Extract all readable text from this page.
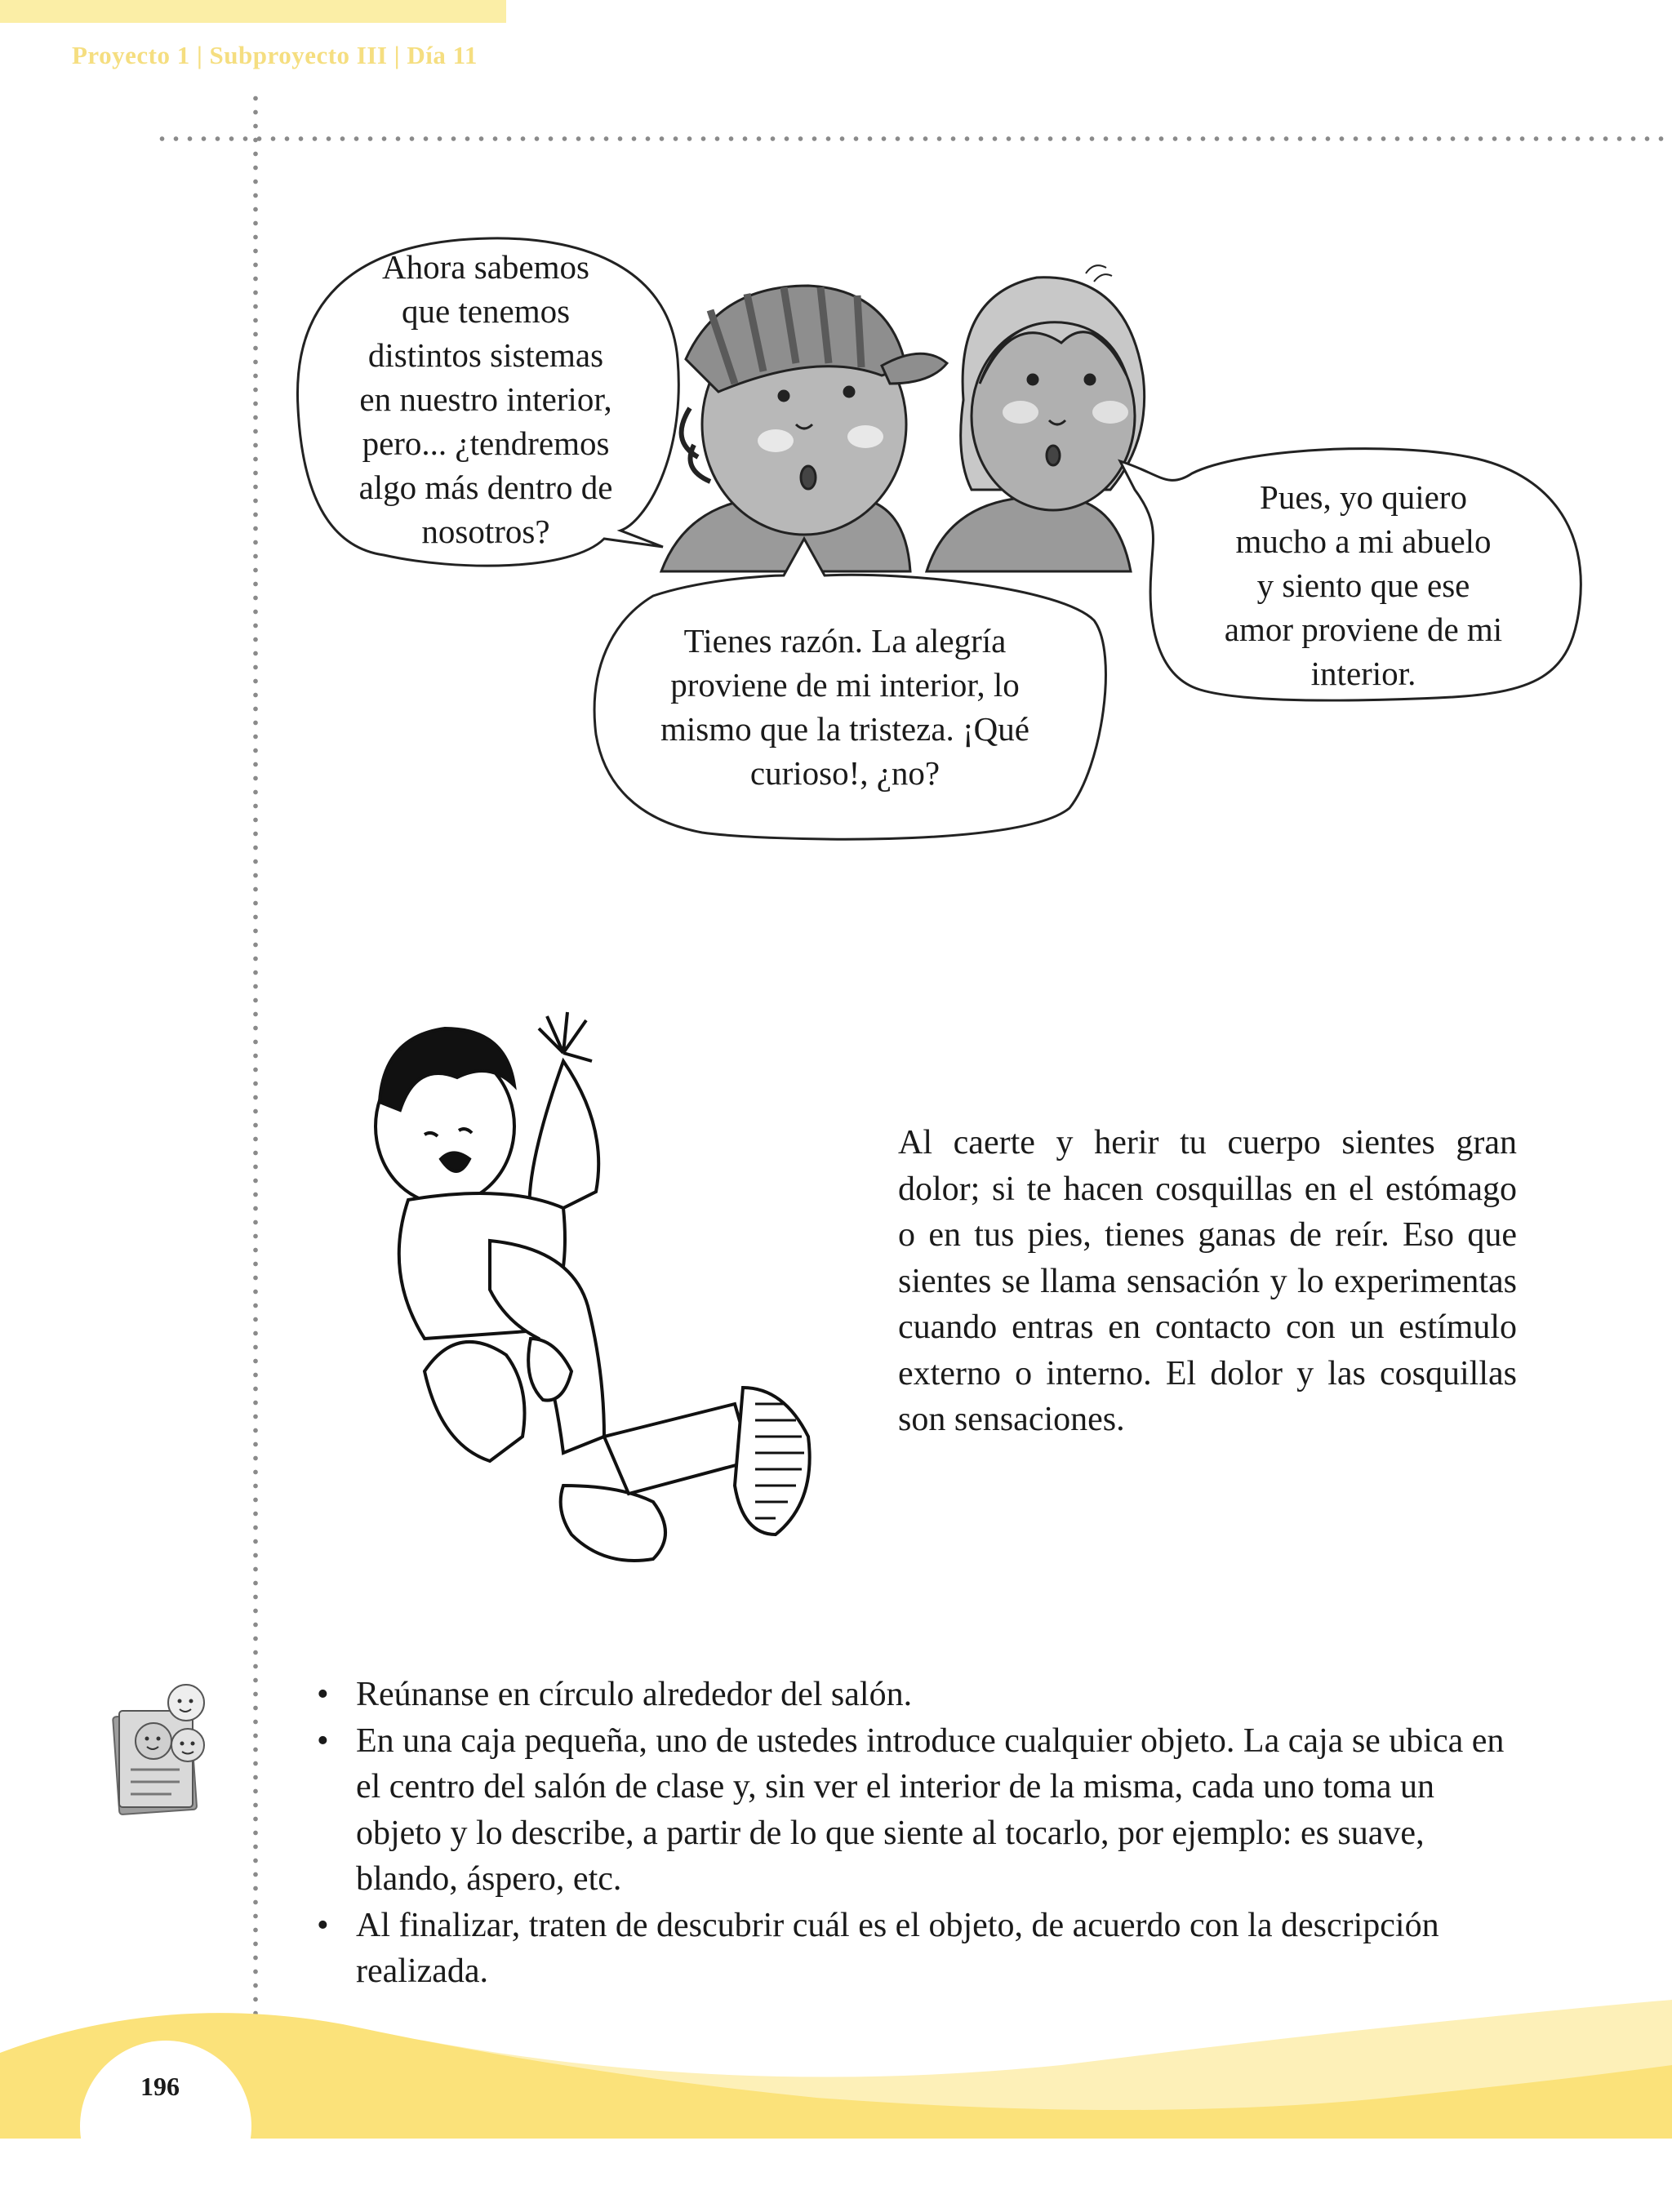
Proyecto 1 | Subproyecto III | Día 11
Ahora sabemos
que tenemos
distintos sistemas
en nuestro interior,
pero... ¿tendremos
algo más dentro de
nosotros?
Tienes razón. La alegría
proviene de mi interior, lo
mismo que la tristeza. ¡Qué
curioso!, ¿no?
Pues, yo quiero
mucho a mi abuelo
y siento que ese
amor proviene de mi
interior.

Al caerte y herir tu cuerpo sientes gran dolor; si te hacen cosquillas en el estómago o en tus pies, tienes ganas de reír. Eso que sientes se llama sensación y lo experimentas cuando entras en contacto con un estímulo externo o interno. El dolor y las cosquillas son sensaciones.

• Reúnanse en círculo alrededor del salón.
• En una caja pequeña, uno de ustedes introduce cualquier objeto. La caja se ubica en el centro del salón de clase y, sin ver el interior de la misma, cada uno toma un objeto y lo describe, a partir de lo que siente al tocarlo, por ejemplo: es suave, blando, áspero, etc.
• Al finalizar, traten de descubrir cuál es el objeto, de acuerdo con la descripción realizada.
196
